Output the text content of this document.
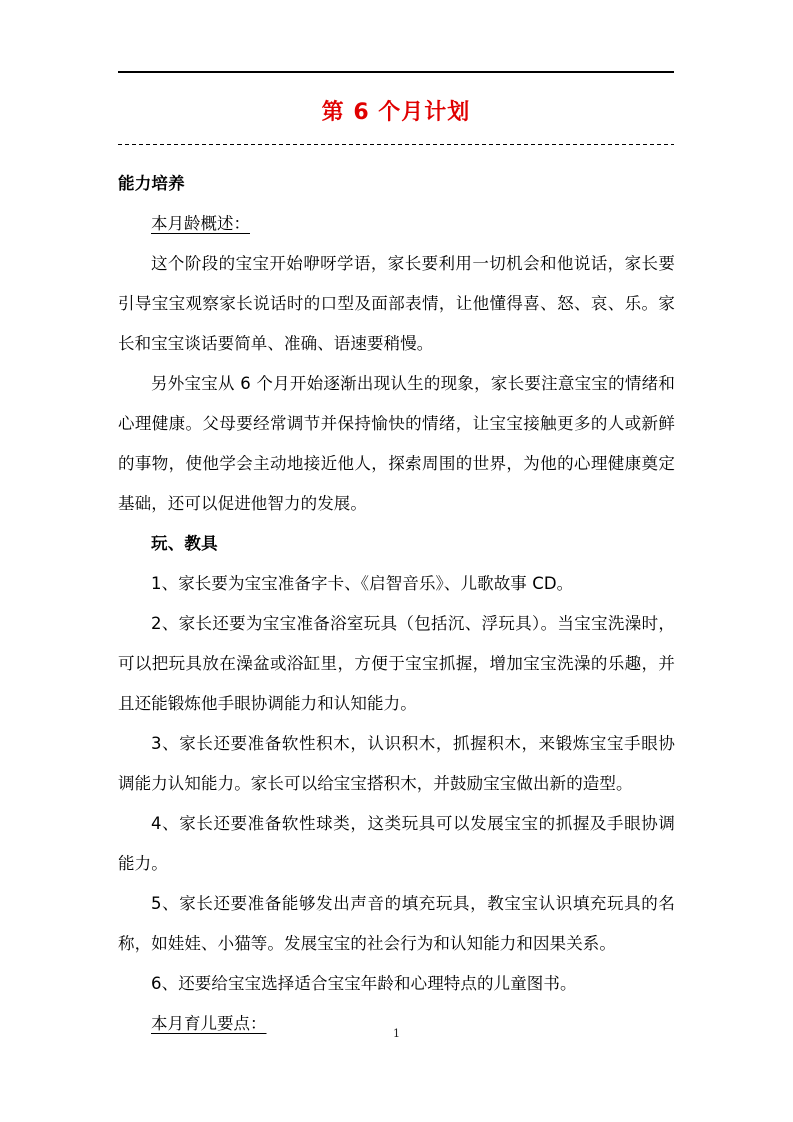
第 6 个月计划
能力培养
本月龄概述：

这个阶段的宝宝开始咿呀学语，家长要利用一切机会和他说话，家长要引导宝宝观察家长说话时的口型及面部表情，让他懂得喜、怒、哀、乐。家长和宝宝谈话要简单、准确、语速要稍慢。

另外宝宝从 6 个月开始逐渐出现认生的现象，家长要注意宝宝的情绪和心理健康。父母要经常调节并保持愉快的情绪，让宝宝接触更多的人或新鲜的事物，使他学会主动地接近他人，探索周围的世界，为他的心理健康奠定基础，还可以促进他智力的发展。

玩、教具

1、家长要为宝宝准备字卡、《启智音乐》、儿歌故事 CD。

2、家长还要为宝宝准备浴室玩具（包括沉、浮玩具）。当宝宝洗澡时，可以把玩具放在澡盆或浴缸里，方便于宝宝抓握，增加宝宝洗澡的乐趣，并且还能锻炼他手眼协调能力和认知能力。

3、家长还要准备软性积木，认识积木，抓握积木，来锻炼宝宝手眼协调能力认知能力。家长可以给宝宝搭积木，并鼓励宝宝做出新的造型。

4、家长还要准备软性球类，这类玩具可以发展宝宝的抓握及手眼协调能力。

5、家长还要准备能够发出声音的填充玩具，教宝宝认识填充玩具的名称，如娃娃、小猫等。发展宝宝的社会行为和认知能力和因果关系。

6、还要给宝宝选择适合宝宝年龄和心理特点的儿童图书。

本月育儿要点：
1
